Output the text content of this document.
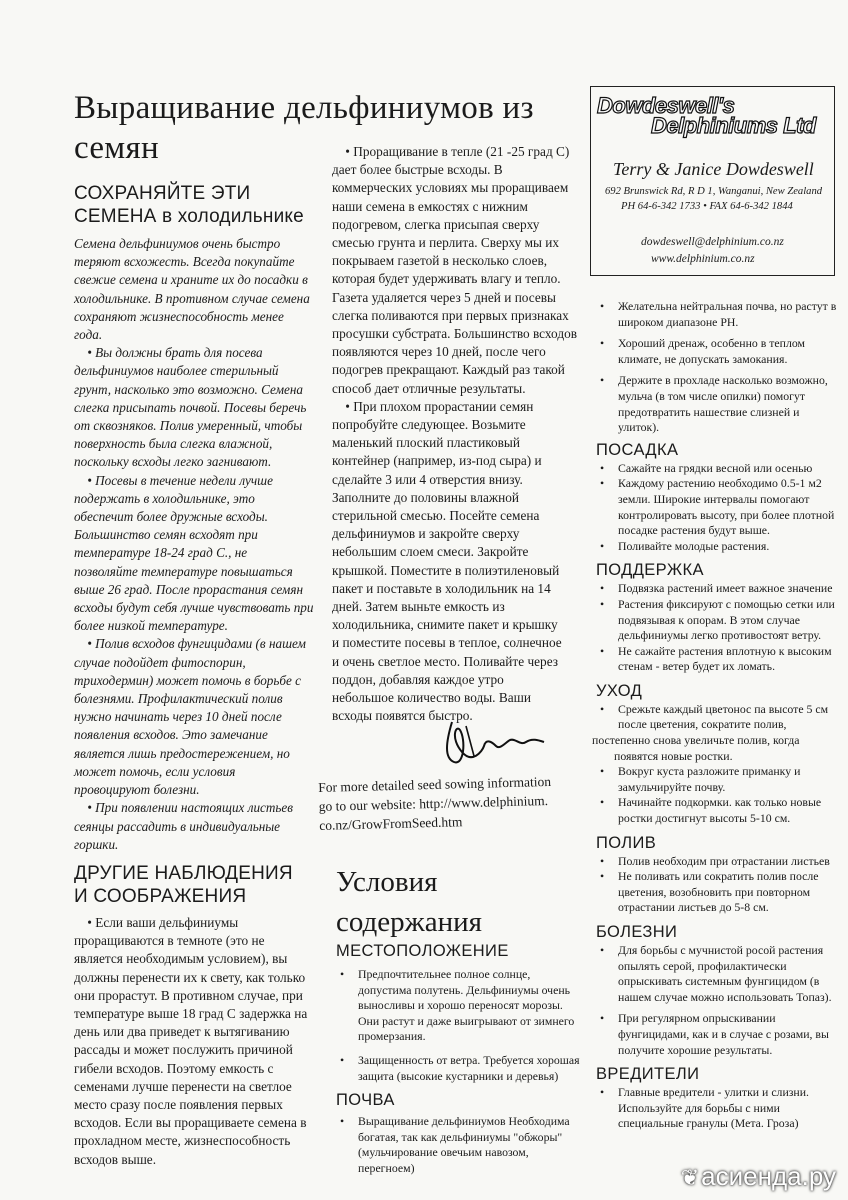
Выращивание дельфиниумов из семян
СОХРАНЯЙТЕ ЭТИ СЕМЕНА в холодильнике

Семена дельфиниумов очень быстро теряют всхожесть. Всегда покупайте свежие семена и храните их до посадки в холодильнике. В противном случае семена сохраняют жизнеспособность менее года.

• Вы должны брать для посева дельфиниумов наиболее стерильный грунт, насколько это возможно. Семена слегка присыпать почвой. Посевы беречь от сквозняков. Полив умеренный, чтобы поверхность была слегка влажной, поскольку всходы легко загнивают.

• Посевы в течение недели лучше подержать в холодильнике, это обеспечит более дружные всходы. Большинство семян всходят при температуре 18-24 град С., не позволяйте температуре повышаться выше 26 град. После прорастания семян всходы будут себя лучше чувствовать при более низкой температуре.

• Полив всходов фунгицидами (в нашем случае подойдет фитоспорин, триходермин) может помочь в борьбе с болезнями. Профилактический полив нужно начинать через 10 дней после появления всходов. Это замечание является лишь предостережением, но может помочь, если условия провоцируют болезни.

• При появлении настоящих листьев сеянцы рассадить в индивидуальные горшки.

ДРУГИЕ НАБЛЮДЕНИЯ И СООБРАЖЕНИЯ

• Если ваши дельфиниумы проращиваются в темноте (это не является необходимым условием), вы должны перенести их к свету, как только они прорастут. В противном случае, при температуре выше 18 град С задержка на день или два приведет к вытягиванию рассады и может послужить причиной гибели всходов. Поэтому емкость с семенами лучше перенести на светлое место сразу после появления первых всходов. Если вы проращиваете семена в прохладном месте, жизнеспособность всходов выше.

• Проращивание в тепле (21 -25 град С) дает более быстрые всходы. В коммерческих условиях мы проращиваем наши семена в емкостях с нижним подогревом, слегка присыпая сверху смесью грунта и перлита. Сверху мы их покрываем газетой в несколько слоев, которая будет удерживать влагу и тепло. Газета удаляется через 5 дней и посевы слегка поливаются при первых признаках просушки субстрата. Большинство всходов появляются через 10 дней, после чего подогрев прекращают. Каждый раз такой способ дает отличные результаты.

• При плохом прорастании семян попробуйте следующее. Возьмите маленький плоский пластиковый контейнер (например, из-под сыра) и сделайте 3 или 4 отверстия внизу. Заполните до половины влажной стерильной смесью. Посейте семена дельфиниумов и закройте сверху небольшим слоем смеси. Закройте крышкой. Поместите в полиэтиленовый пакет и поставьте в холодильник на 14 дней. Затем выньте емкость из холодильника, снимите пакет и крышку и поместите посевы в теплое, солнечное и очень светлое место. Поливайте через поддон, добавляя каждое утро небольшое количество воды. Ваши всходы появятся быстро.

For more detailed seed sowing information go to our website: http://www.delphinium. co.nz/GrowFromSeed.htm
Условия содержания
МЕСТОПОЛОЖЕНИЕ
• Предпочтительнее полное солнце, допустима полутень. Дельфиниумы очень выносливы и хорошо переносят морозы. Они растут и даже выигрывают от зимнего промерзания.
• Защищенность от ветра. Требуется хорошая защита (высокие кустарники и деревья)
ПОЧВА
• Выращивание дельфиниумов Необходима богатая, так как дельфиниумы "обжоры" (мульчирование овечьим навозом, перегноем)
Dowdeswell's
Delphiniums Ltd
Terry & Janice Dowdeswell
692 Brunswick Rd, R D 1, Wanganui, New Zealand
PH 64-6-342 1733 • FAX 64-6-342 1844
dowdeswell@delphinium.co.nz
www.delphinium.co.nz
• Желательна нейтральная почва, но растут в широком диапазоне PH.
• Хороший дренаж, особенно в теплом климате, не допускать замокания.
• Держите в прохладе насколько возможно, мульча (в том числе опилки) помогут предотвратить нашествие слизней и улиток).
ПОСАДКА
• Сажайте на грядки весной или осенью
• Каждому растению необходимо 0.5-1 м2 земли. Широкие интервалы помогают контролировать высоту, при более плотной посадке растения будут выше.
• Поливайте молодые растения.
ПОДДЕРЖКА
• Подвязка растений имеет важное значение
• Растения фиксируют с помощью сетки или подвязывая к опорам. В этом случае дельфиниумы легко противостоят ветру.
• Не сажайте растения вплотную к высоким стенам - ветер будет их ломать.
УХОД
• Срежьте каждый цветонос па высоте 5 см после цветения, сократите полив,
постепенно снова увеличьте полив, когда появятся новые ростки.
• Вокруг куста разложите приманку и замульчируйте почву.
• Начинайте подкормки. как только новые ростки достигнут высоты 5-10 см.
ПОЛИВ
• Полив необходим при отрастании листьев
• Не поливать или сократить полив после цветения, возобновить при повторном отрастании листьев до 5-8 см.
БОЛЕЗНИ
• Для борьбы с мучнистой росой растения опылять серой, профилактически опрыскивать системным фунгицидом (в нашем случае можно использовать Топаз).
• При регулярном опрыскивании фунгицидами, как и в случае с розами, вы получите хорошие результаты.
ВРЕДИТЕЛИ
• Главные вредители - улитки и слизни. Используйте для борьбы с ними специальные гранулы (Мета. Гроза)
❦асиенда.ру
